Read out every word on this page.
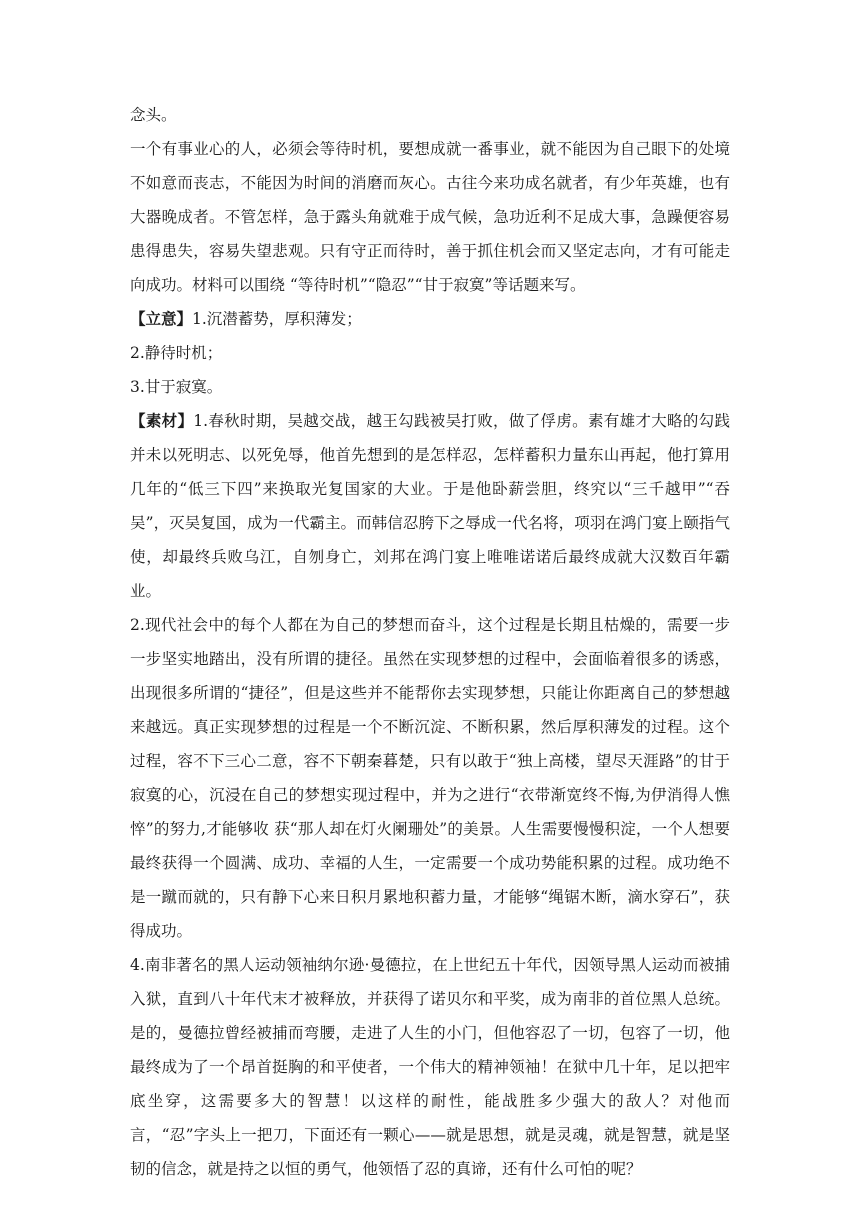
念头。

一个有事业心的人，必须会等待时机，要想成就一番事业，就不能因为自己眼下的处境不如意而丧志，不能因为时间的消磨而灰心。古往今来功成名就者，有少年英雄，也有大器晚成者。不管怎样，急于露头角就难于成气候，急功近利不足成大事，急躁便容易患得患失，容易失望悲观。只有守正而待时，善于抓住机会而又坚定志向，才有可能走向成功。材料可以围绕 “等待时机”“隐忍”“甘于寂寞”等话题来写。

【立意】1.沉潜蓄势，厚积薄发；

2.静待时机；

3.甘于寂寞。

【素材】1.春秋时期，吴越交战，越王勾践被吴打败，做了俘虏。素有雄才大略的勾践并未以死明志、以死免辱，他首先想到的是怎样忍，怎样蓄积力量东山再起，他打算用几年的“低三下四”来换取光复国家的大业。于是他卧薪尝胆，终究以“三千越甲”“吞吴”，灭吴复国，成为一代霸主。而韩信忍胯下之辱成一代名将，项羽在鸿门宴上颐指气使，却最终兵败乌江，自刎身亡，刘邦在鸿门宴上唯唯诺诺后最终成就大汉数百年霸业。

2.现代社会中的每个人都在为自己的梦想而奋斗，这个过程是长期且枯燥的，需要一步一步坚实地踏出，没有所谓的捷径。虽然在实现梦想的过程中，会面临着很多的诱惑，出现很多所谓的“捷径”，但是这些并不能帮你去实现梦想，只能让你距离自己的梦想越来越远。真正实现梦想的过程是一个不断沉淀、不断积累，然后厚积薄发的过程。这个过程，容不下三心二意，容不下朝秦暮楚，只有以敢于“独上高楼，望尽天涯路”的甘于寂寞的心，沉浸在自己的梦想实现过程中，并为之进行“衣带渐宽终不悔,为伊消得人憔悴”的努力,才能够收 获“那人却在灯火阑珊处”的美景。人生需要慢慢积淀，一个人想要最终获得一个圆满、成功、幸福的人生，一定需要一个成功势能积累的过程。成功绝不是一蹴而就的，只有静下心来日积月累地积蓄力量，才能够“绳锯木断，滴水穿石”，获得成功。

4.南非著名的黑人运动领袖纳尔逊·曼德拉，在上世纪五十年代，因领导黑人运动而被捕入狱，直到八十年代末才被释放，并获得了诺贝尔和平奖，成为南非的首位黑人总统。是的，曼德拉曾经被捕而弯腰，走进了人生的小门，但他容忍了一切，包容了一切，他最终成为了一个昂首挺胸的和平使者，一个伟大的精神领袖！在狱中几十年，足以把牢底坐穿，这需要多大的智慧！以这样的耐性，能战胜多少强大的敌人？对他而言，“忍”字头上一把刀，下面还有一颗心——就是思想，就是灵魂，就是智慧，就是坚韧的信念，就是持之以恒的勇气，他领悟了忍的真谛，还有什么可怕的呢？
